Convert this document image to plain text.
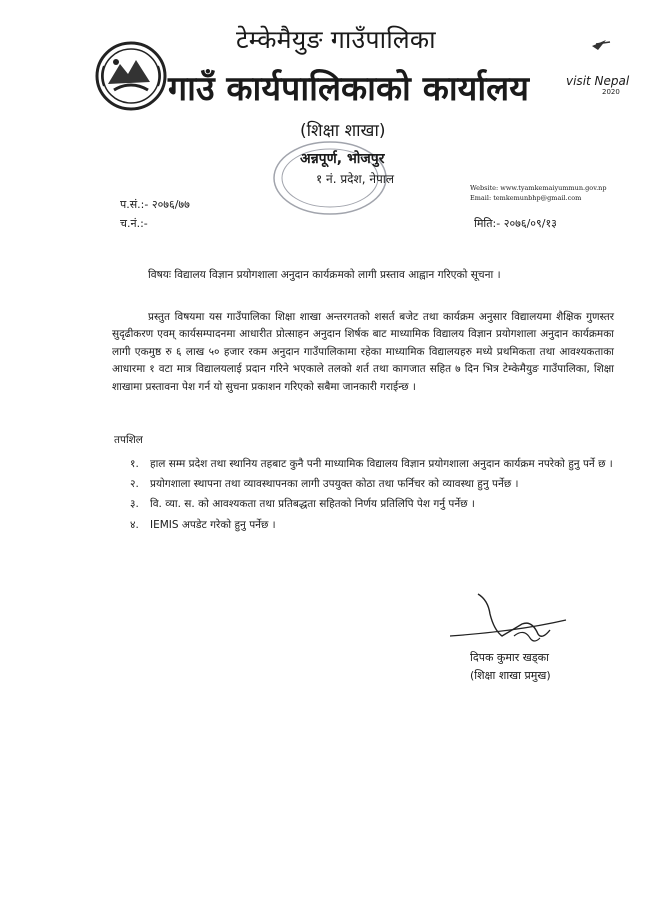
visit Nepal
2020
टेम्केमैयुङ गाउँपालिका
गाउँ कार्यपालिकाको कार्यालय
(शिक्षा शाखा)
अन्नपूर्ण, भोजपुर
१ नं. प्रदेश, नेपाल
Website: www.tyamkemaiyummun.gov.np
Email: temkemunbhp@gmail.com
प.सं.:- २०७६/७७
च.नं.:-	मिति:- २०७६/०९/१३
विषयः विद्यालय विज्ञान प्रयोगशाला अनुदान कार्यक्रमको लागी प्रस्ताव आह्वान गरिएको सूचना ।
प्रस्तुत विषयमा यस गाउँपालिका शिक्षा शाखा अन्तरगतको शसर्त बजेट तथा कार्यक्रम अनुसार विद्यालयमा शैक्षिक गुणस्तर सुदृढीकरण एवम् कार्यसम्पादनमा आधारीत प्रोत्साहन अनुदान शिर्षक बाट माध्यामिक विद्यालय विज्ञान प्रयोगशाला अनुदान कार्यक्रमका लागी एकमुष्ठ रु ६ लाख ५० हजार रकम अनुदान गाउँपालिकामा रहेका माध्यामिक विद्यालयहरु मध्ये प्रथमिकता तथा आवश्यकताका आधारमा १ वटा मात्र विद्यालयलाई प्रदान गरिने भएकाले तलको शर्त तथा कागजात सहित ७ दिन भित्र टेम्केमैयुङ गाउँपालिका, शिक्षा शाखामा प्रस्तावना पेश गर्न यो सुचना प्रकाशन गरिएको सबैमा जानकारी गराईन्छ ।
तपशिल
१.	हाल सम्म प्रदेश तथा स्थानिय तहबाट कुनै पनी माध्यामिक विद्यालय विज्ञान प्रयोगशाला अनुदान कार्यक्रम नपरेको हुनु पर्ने छ ।
२.	प्रयोगशाला स्थापना तथा व्यावस्थापनका लागी उपयुक्त कोठा तथा फर्निचर को व्यावस्था हुनु पर्नेछ ।
३.	वि. व्या. स. को आवश्यकता तथा प्रतिबद्धता सहितको निर्णय प्रतिलिपि पेश गर्नु पर्नेछ ।
४.	IEMIS अपडेट गरेको हुनु पर्नेछ ।
दिपक कुमार खड्का
(शिक्षा शाखा प्रमुख)
